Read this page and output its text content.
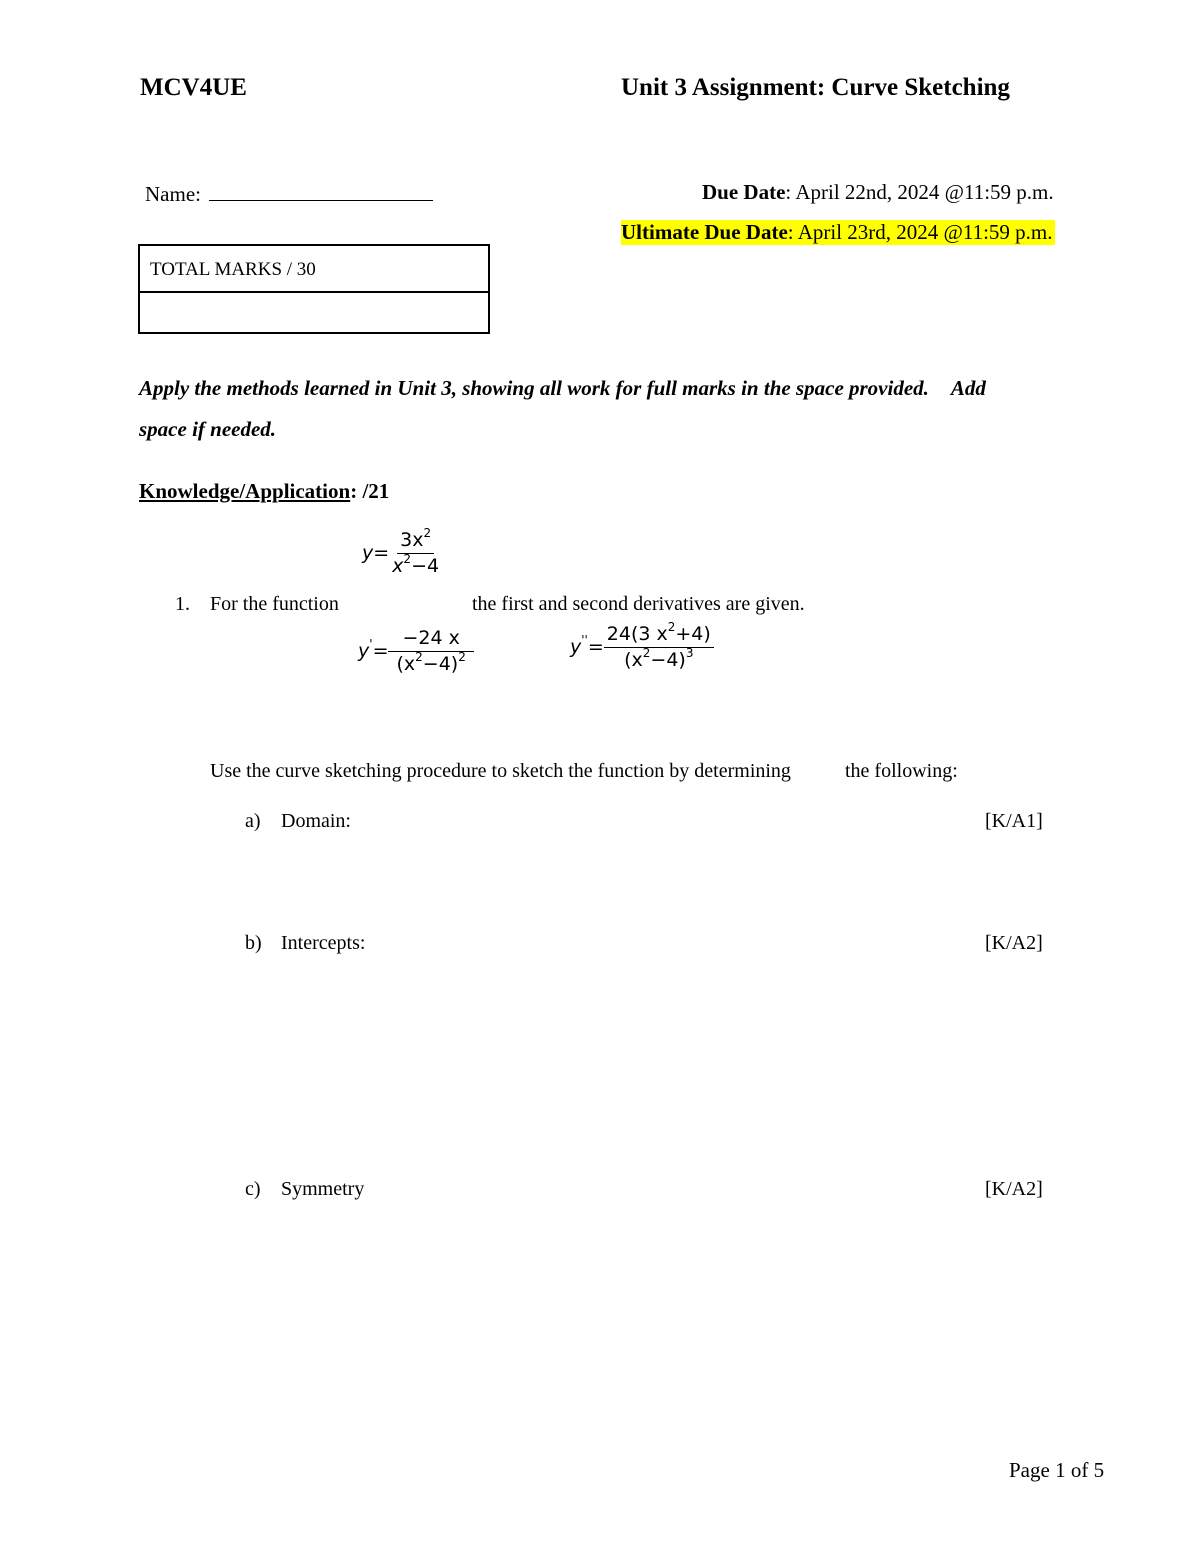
MCV4UE	Unit 3 Assignment: Curve Sketching
Name:	Due Date: April 22nd, 2024 @11:59 p.m.
Ultimate Due Date: April 23rd, 2024 @11:59 p.m.
TOTAL MARKS / 30
Apply the methods learned in Unit 3, showing all work for full marks in the space provided. Add
space if needed.
Knowledge/Application: /21
$y= \frac{3x^2}{x^2-4}$
1. For the function	the first and second derivatives are given.
$y'= \frac{-24 x}{(x^2-4)^2}$	$y''= \frac{24(3 x^2+4)}{(x^2-4)^3}$
Use the curve sketching procedure to sketch the function by determining	the following:
a) Domain:	[K/A1]
b) Intercepts:	[K/A2]
c) Symmetry	[K/A2]
Page 1 of 5
